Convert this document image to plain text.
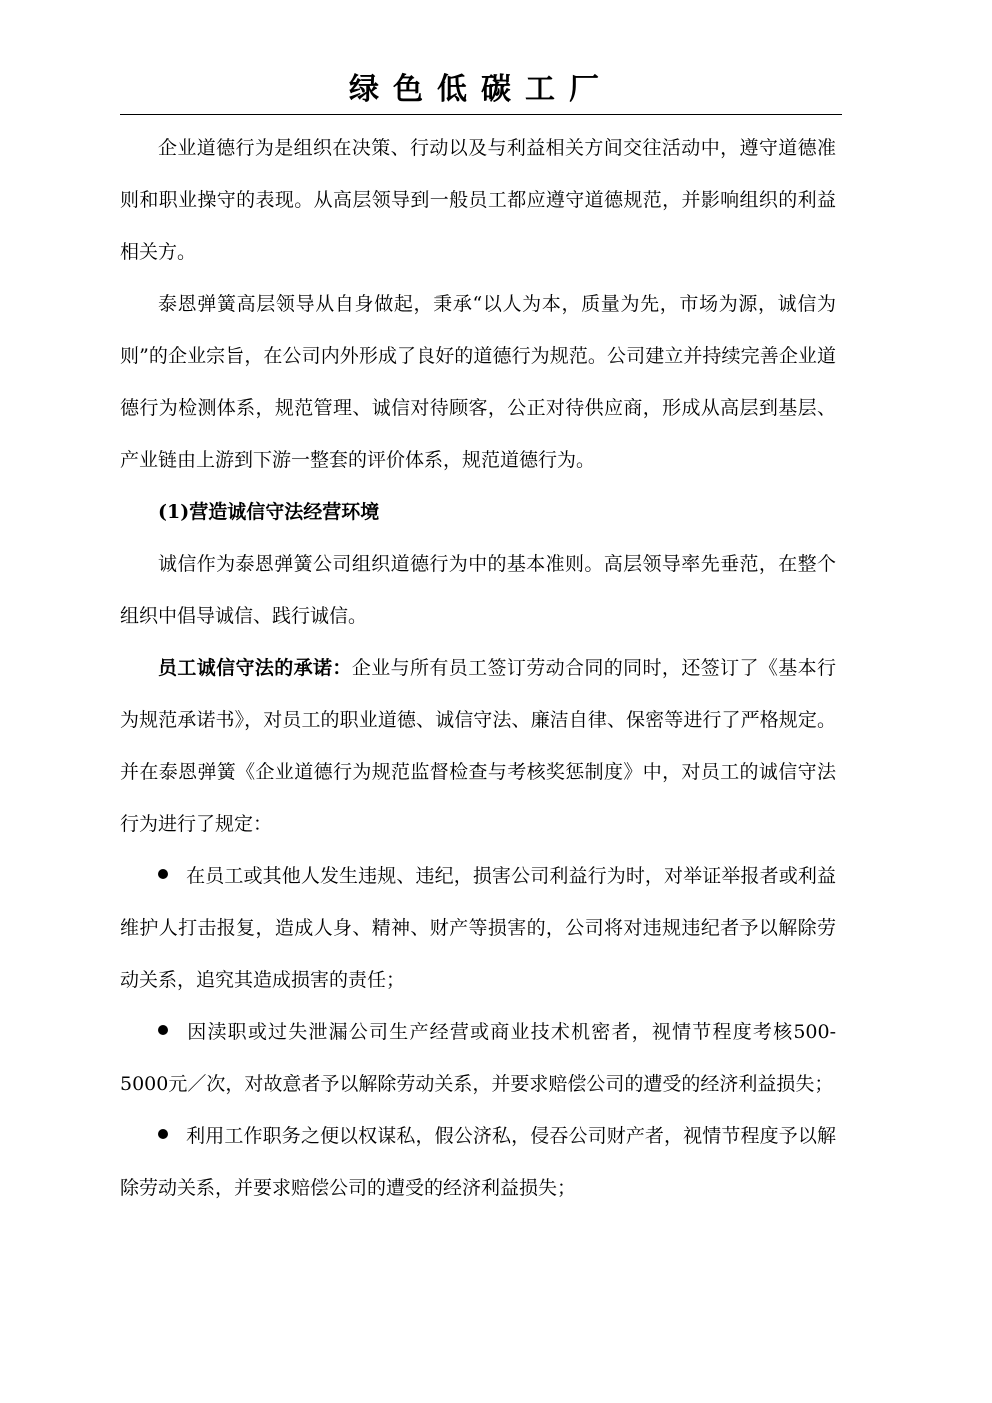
绿色低碳工厂

企业道德行为是组织在决策、行动以及与利益相关方间交往活动中，遵守道德准则和职业操守的表现。从高层领导到一般员工都应遵守道德规范，并影响组织的利益相关方。

泰恩弹簧高层领导从自身做起，秉承“以人为本，质量为先，市场为源，诚信为则”的企业宗旨，在公司内外形成了良好的道德行为规范。公司建立并持续完善企业道德行为检测体系，规范管理、诚信对待顾客，公正对待供应商，形成从高层到基层、产业链由上游到下游一整套的评价体系，规范道德行为。

(1)营造诚信守法经营环境

诚信作为泰恩弹簧公司组织道德行为中的基本准则。高层领导率先垂范，在整个组织中倡导诚信、践行诚信。

员工诚信守法的承诺：企业与所有员工签订劳动合同的同时，还签订了《基本行为规范承诺书》，对员工的职业道德、诚信守法、廉洁自律、保密等进行了严格规定。并在泰恩弹簧《企业道德行为规范监督检查与考核奖惩制度》中，对员工的诚信守法行为进行了规定：

在员工或其他人发生违规、违纪，损害公司利益行为时，对举证举报者或利益维护人打击报复，造成人身、精神、财产等损害的，公司将对违规违纪者予以解除劳动关系，追究其造成损害的责任；

因渎职或过失泄漏公司生产经营或商业技术机密者，视情节程度考核500-5000元／次，对故意者予以解除劳动关系，并要求赔偿公司的遭受的经济利益损失；

利用工作职务之便以权谋私，假公济私，侵吞公司财产者，视情节程度予以解除劳动关系，并要求赔偿公司的遭受的经济利益损失；
